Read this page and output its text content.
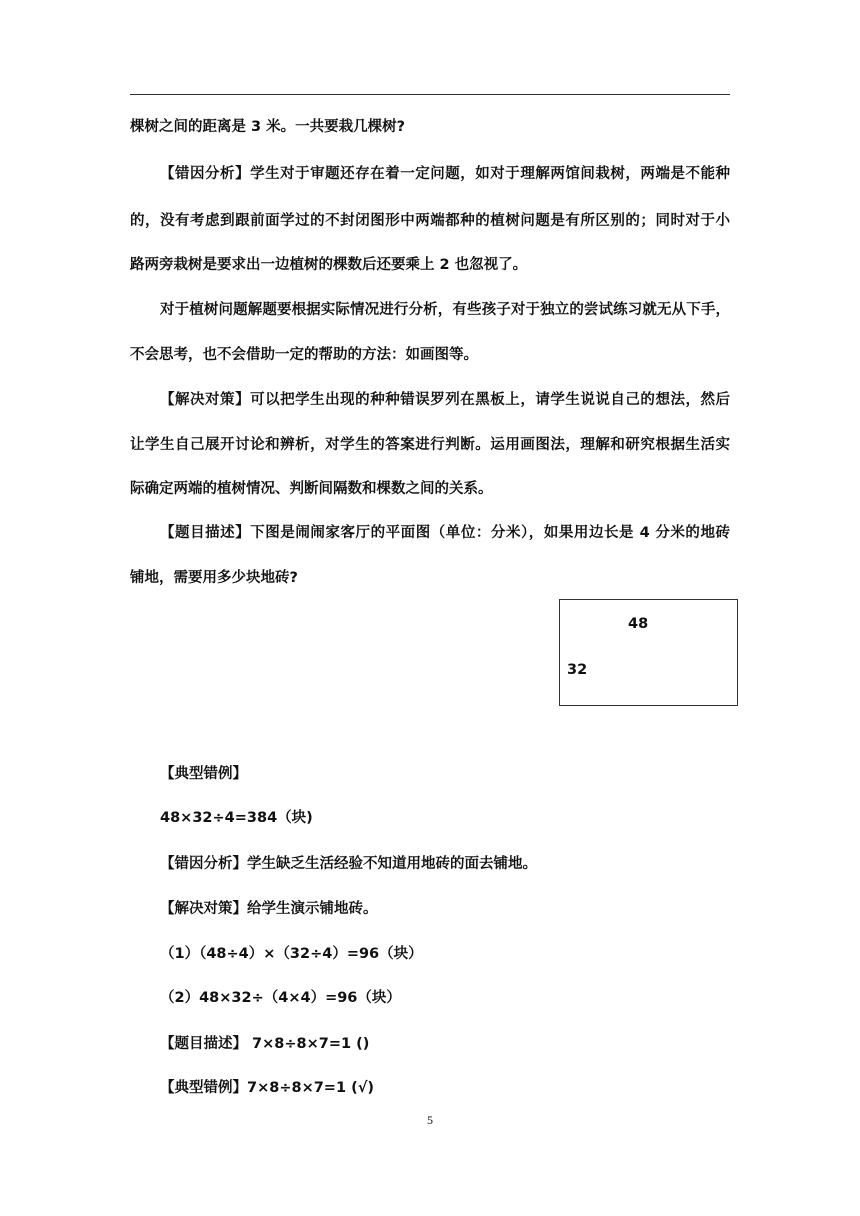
棵树之间的距离是 3 米。一共要栽几棵树?
【错因分析】学生对于审题还存在着一定问题，如对于理解两馆间栽树，两端是不能种
的，没有考虑到跟前面学过的不封闭图形中两端都种的植树问题是有所区别的；同时对于小
路两旁栽树是要求出一边植树的棵数后还要乘上 2 也忽视了。
对于植树问题解题要根据实际情况进行分析，有些孩子对于独立的尝试练习就无从下手，
不会思考，也不会借助一定的帮助的方法：如画图等。
【解决对策】可以把学生出现的种种错误罗列在黑板上，请学生说说自己的想法，然后
让学生自己展开讨论和辨析，对学生的答案进行判断。运用画图法，理解和研究根据生活实
际确定两端的植树情况、判断间隔数和棵数之间的关系。
【题目描述】下图是闹闹家客厅的平面图（单位：分米），如果用边长是 4 分米的地砖
铺地，需要用多少块地砖?
48
32
【典型错例】
48×32÷4=384（块)
【错因分析】学生缺乏生活经验不知道用地砖的面去铺地。
【解决对策】给学生演示铺地砖。
（1）（48÷4）×（32÷4）=96（块）
（2）48×32÷（4×4）=96（块）
【题目描述】 7×8÷8×7=1 ()
【典型错例】7×8÷8×7=1 (√)
5
